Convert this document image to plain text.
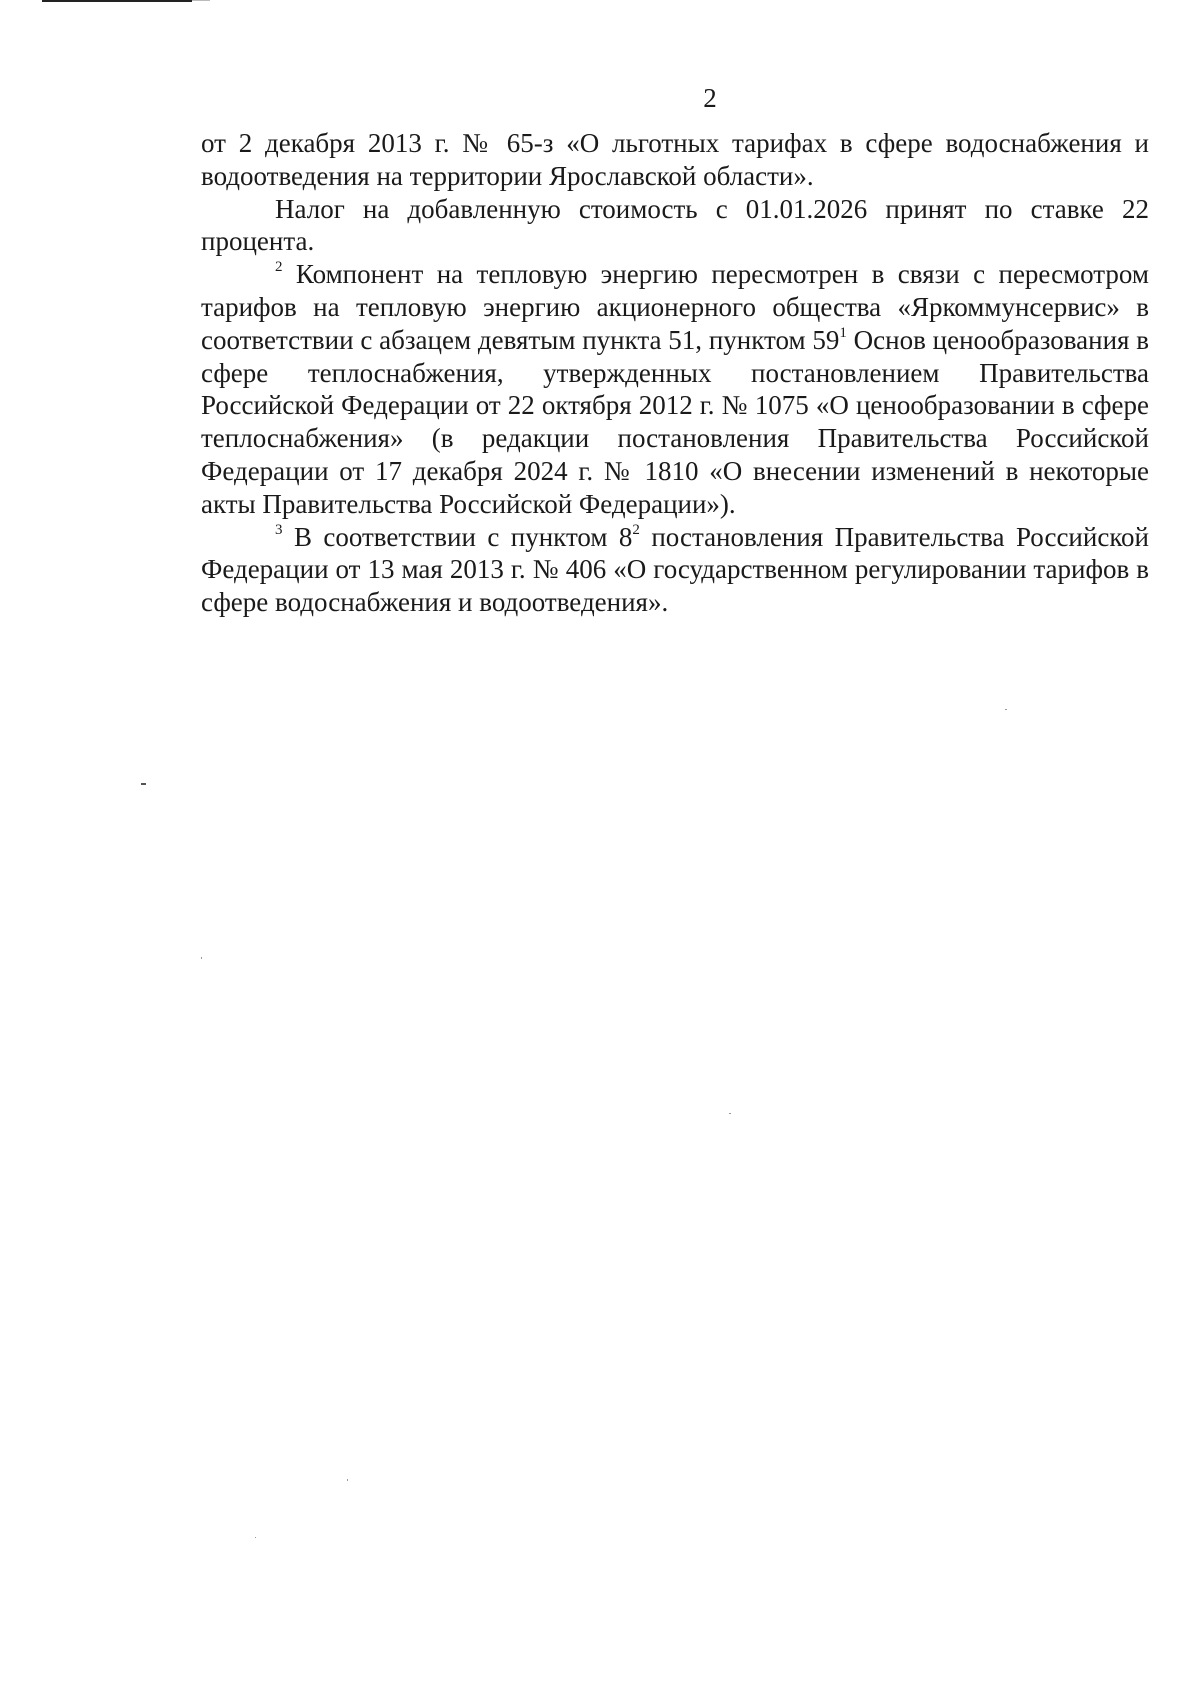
2

от 2 декабря 2013 г. № 65-з «О льготных тарифах в сфере водоснабжения и водоотведения на территории Ярославской области».

Налог на добавленную стоимость с 01.01.2026 принят по ставке 22 процента.

$^2$ Компонент на тепловую энергию пересмотрен в связи с пересмотром тарифов на тепловую энергию акционерного общества «Яркоммунсервис» в соответствии с абзацем девятым пункта 51, пунктом $59^1$ Основ ценообразования в сфере теплоснабжения, утвержденных постановлением Правительства Российской Федерации от 22 октября 2012 г. № 1075 «О ценообразовании в сфере теплоснабжения» (в редакции постановления Правительства Российской Федерации от 17 декабря 2024 г. № 1810 «О внесении изменений в некоторые акты Правительства Российской Федерации»).

$^3$ В соответствии с пунктом $8^2$ постановления Правительства Российской Федерации от 13 мая 2013 г. № 406 «О государственном регулировании тарифов в сфере водоснабжения и водоотведения».
